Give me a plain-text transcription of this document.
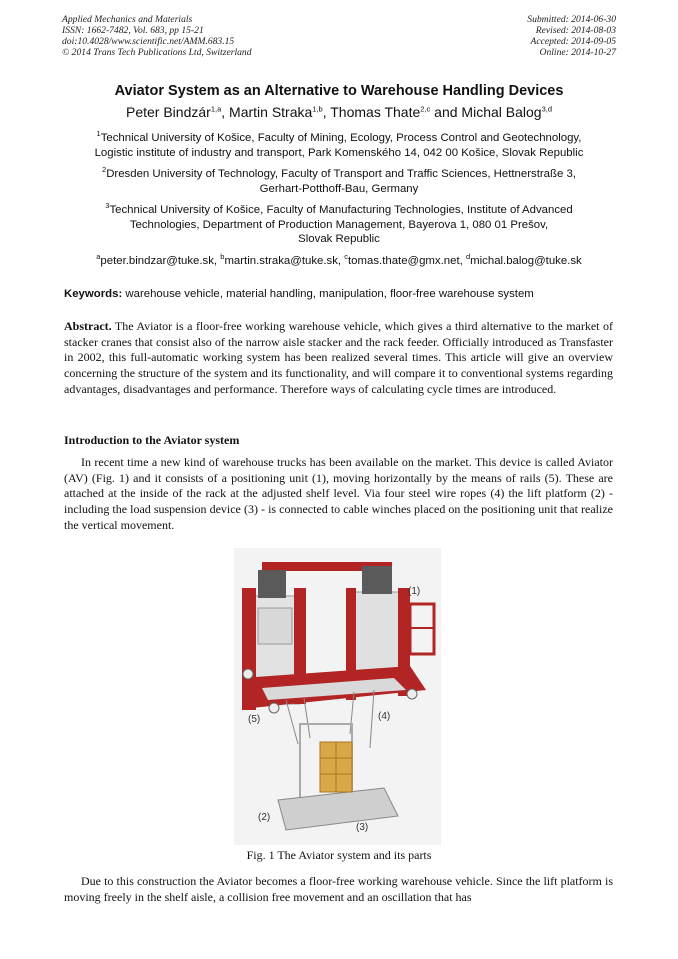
Applied Mechanics and Materials
ISSN: 1662-7482, Vol. 683, pp 15-21
doi:10.4028/www.scientific.net/AMM.683.15
© 2014 Trans Tech Publications Ltd, Switzerland
Submitted: 2014-06-30
Revised: 2014-08-03
Accepted: 2014-09-05
Online: 2014-10-27
Aviator System as an Alternative to Warehouse Handling Devices
Peter Bindzár$^{1,a}$, Martin Straka$^{1,b}$, Thomas Thate$^{2,c}$ and Michal Balog$^{3,d}$
$^1$Technical University of Košice, Faculty of Mining, Ecology, Process Control and Geotechnology,
Logistic institute of industry and transport, Park Komenského 14, 042 00 Košice, Slovak Republic
$^2$Dresden University of Technology, Faculty of Transport and Traffic Sciences, Hettnerstraße 3,
Gerhart-Potthoff-Bau, Germany
$^3$Technical University of Košice, Faculty of Manufacturing Technologies, Institute of Advanced
Technologies, Department of Production Management, Bayerova 1, 080 01 Prešov,
Slovak Republic
$^a$peter.bindzar@tuke.sk, $^b$martin.straka@tuke.sk, $^c$tomas.thate@gmx.net, $^d$michal.balog@tuke.sk
Keywords: warehouse vehicle, material handling, manipulation, floor-free warehouse system
Abstract. The Aviator is a floor-free working warehouse vehicle, which gives a third alternative to the market of stacker cranes that consist also of the narrow aisle stacker and the rack feeder. Officially introduced as Transfaster in 2002, this full-automatic working system has been realized several times. This article will give an overview concerning the structure of the system and its functionality, and will compare it to conventional systems regarding advantages, disadvantages and performance. Therefore ways of calculating cycle times are introduced.
Introduction to the Aviator system
In recent time a new kind of warehouse trucks has been available on the market. This device is called Aviator (AV) (Fig. 1) and it consists of a positioning unit (1), moving horizontally by the means of rails (5). These are attached at the inside of the rack at the adjusted shelf level. Via four steel wire ropes (4) the lift platform (2) - including the load suspension device (3) - is connected to cable winches placed on the positioning unit that realize the vertical movement.
(1)
(2)
(3)
(4)
(5)
Fig. 1 The Aviator system and its parts
Due to this construction the Aviator becomes a floor-free working warehouse vehicle. Since the lift platform is moving freely in the shelf aisle, a collision free movement and an oscillation that has
